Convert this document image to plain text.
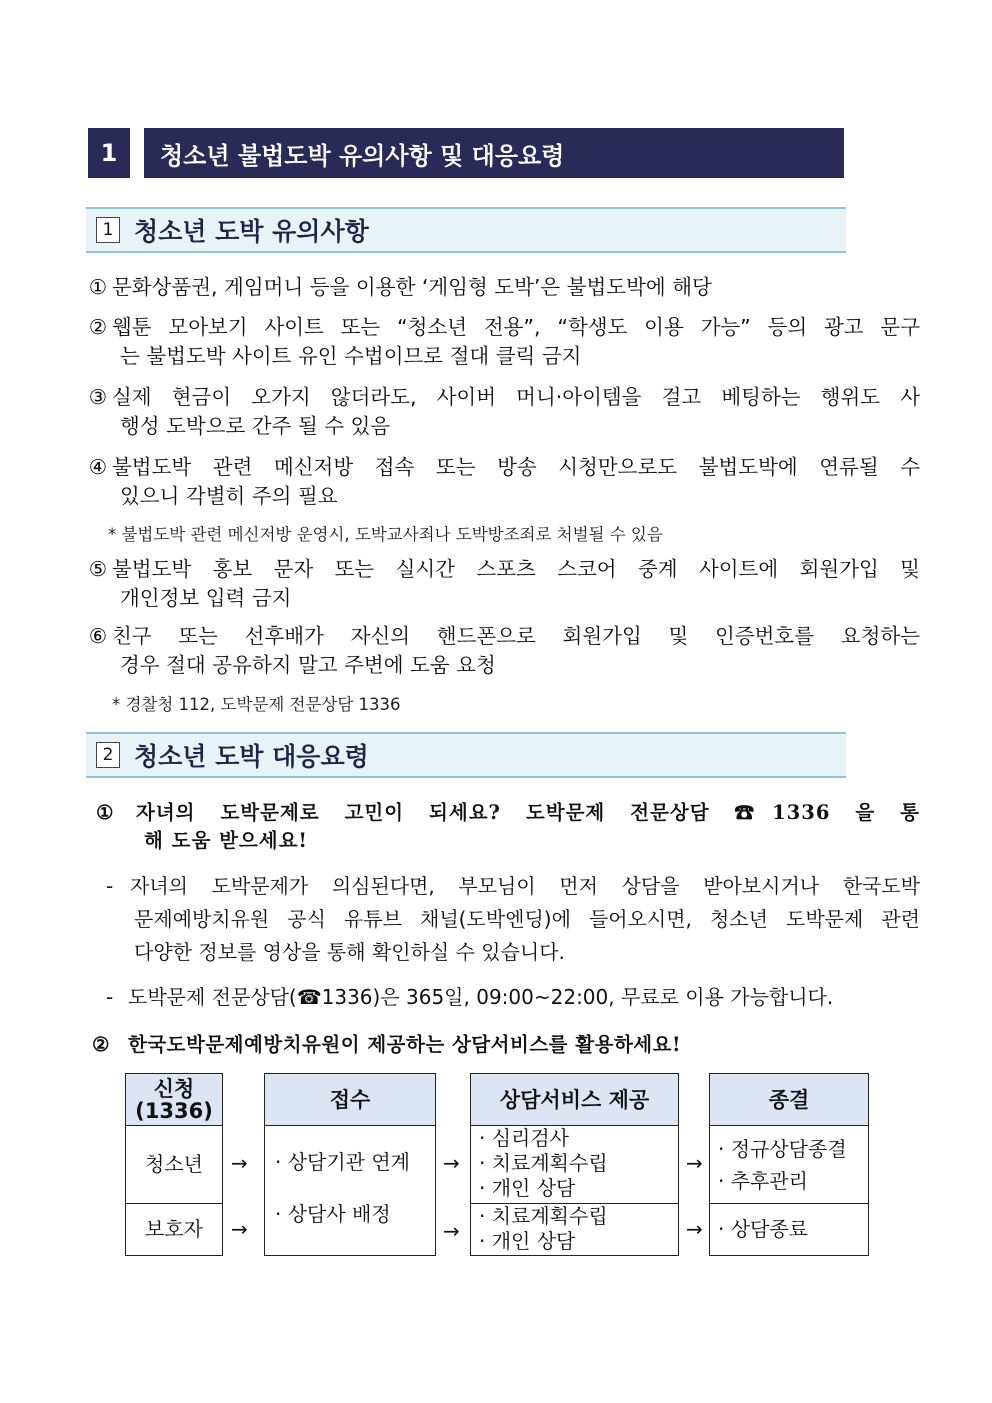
1	청소년 불법도박 유의사항 및 대응요령
1 청소년 도박 유의사항
① 문화상품권, 게임머니 등을 이용한 ‘게임형 도박’은 불법도박에 해당
② 웹툰 모아보기 사이트 또는 “청소년 전용”, “학생도 이용 가능” 등의 광고 문구
는 불법도박 사이트 유인 수법이므로 절대 클릭 금지
③ 실제 현금이 오가지 않더라도, 사이버 머니·아이템을 걸고 베팅하는 행위도 사
행성 도박으로 간주 될 수 있음
④ 불법도박 관련 메신저방 접속 또는 방송 시청만으로도 불법도박에 연류될 수
있으니 각별히 주의 필요
* 불법도박 관련 메신저방 운영시, 도박교사죄나 도박방조죄로 처벌될 수 있음
⑤ 불법도박 홍보 문자 또는 실시간 스포츠 스코어 중계 사이트에 회원가입 및
개인정보 입력 금지
⑥ 친구 또는 선후배가 자신의 핸드폰으로 회원가입 및 인증번호를 요청하는
경우 절대 공유하지 말고 주변에 도움 요청
* 경찰청 112, 도박문제 전문상담 1336
2 청소년 도박 대응요령
① 자녀의 도박문제로 고민이 되세요? 도박문제 전문상담 ☎1336 을 통
해 도움 받으세요!
- 자녀의 도박문제가 의심된다면, 부모님이 먼저 상담을 받아보시거나 한국도박
문제예방치유원 공식 유튜브 채널(도박엔딩)에 들어오시면, 청소년 도박문제 관련
다양한 정보를 영상을 통해 확인하실 수 있습니다.
- 도박문제 전문상담(☎1336)은 365일, 09:00~22:00, 무료로 이용 가능합니다.
② 한국도박문제예방치유원이 제공하는 상담서비스를 활용하세요!
신청
(1336)
청소년
보호자
→
→
접수
· 상담기관 연계
· 상담사 배정
→
→
상담서비스 제공
· 심리검사
· 치료계획수립
· 개인 상담
· 치료계획수립
· 개인 상담
→
→
종결
· 정규상담종결
· 추후관리
· 상담종료
